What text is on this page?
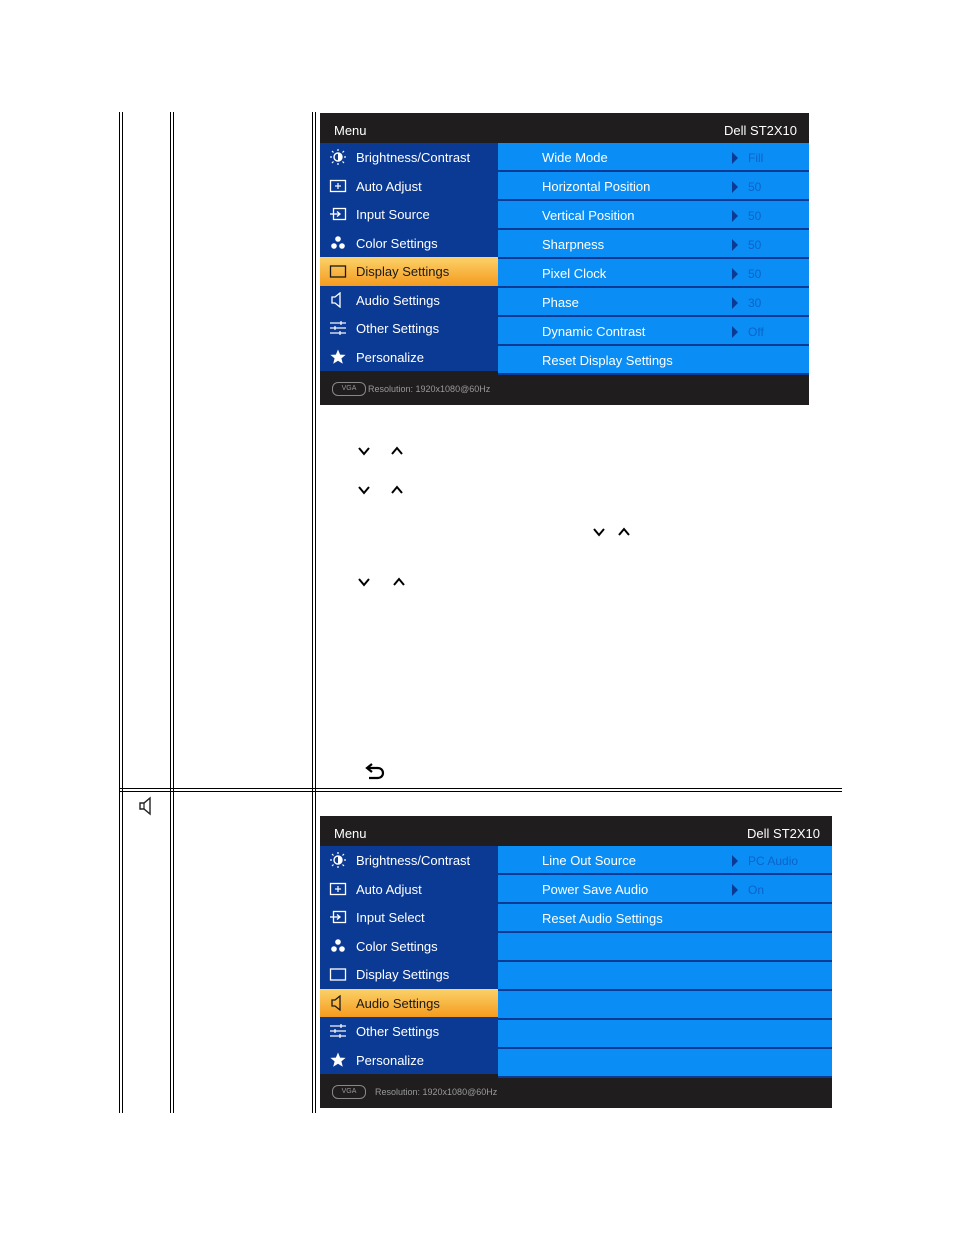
Menu	Dell ST2X10
Brightness/Contrast
Auto Adjust
Input Source
Color Settings
Display Settings
Audio Settings
Other Settings
Personalize
Wide Mode	Fill
Horizontal Position	50
Vertical Position	50
Sharpness	50
Pixel Clock	50
Phase	30
Dynamic Contrast	Off
Reset Display Settings
VGA	Resolution: 1920x1080@60Hz
Menu	Dell ST2X10
Brightness/Contrast
Auto Adjust
Input Select
Color Settings
Display Settings
Audio Settings
Other Settings
Personalize
Line Out Source	PC Audio
Power Save Audio	On
Reset Audio Settings
VGA	Resolution: 1920x1080@60Hz
